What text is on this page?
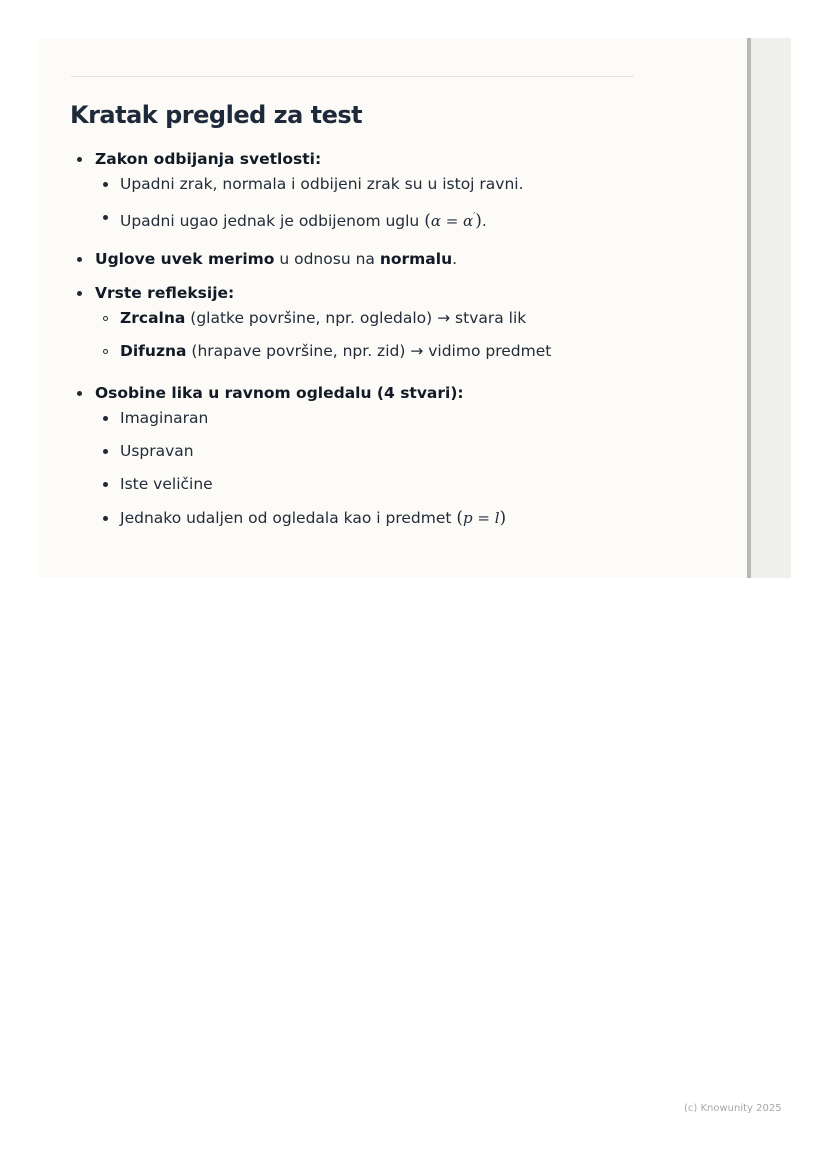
Kratak pregled za test
Zakon odbijanja svetlosti:
Upadni zrak, normala i odbijeni zrak su u istoj ravni.
Upadni ugao jednak je odbijenom uglu (α = α′).
Uglove uvek merimo u odnosu na normalu.
Vrste refleksije:
Zrcalna (glatke površine, npr. ogledalo) → stvara lik
Difuzna (hrapave površine, npr. zid) → vidimo predmet
Osobine lika u ravnom ogledalu (4 stvari):
Imaginaran
Uspravan
Iste veličine
Jednako udaljen od ogledala kao i predmet (p = l)
(c) Knowunity 2025
